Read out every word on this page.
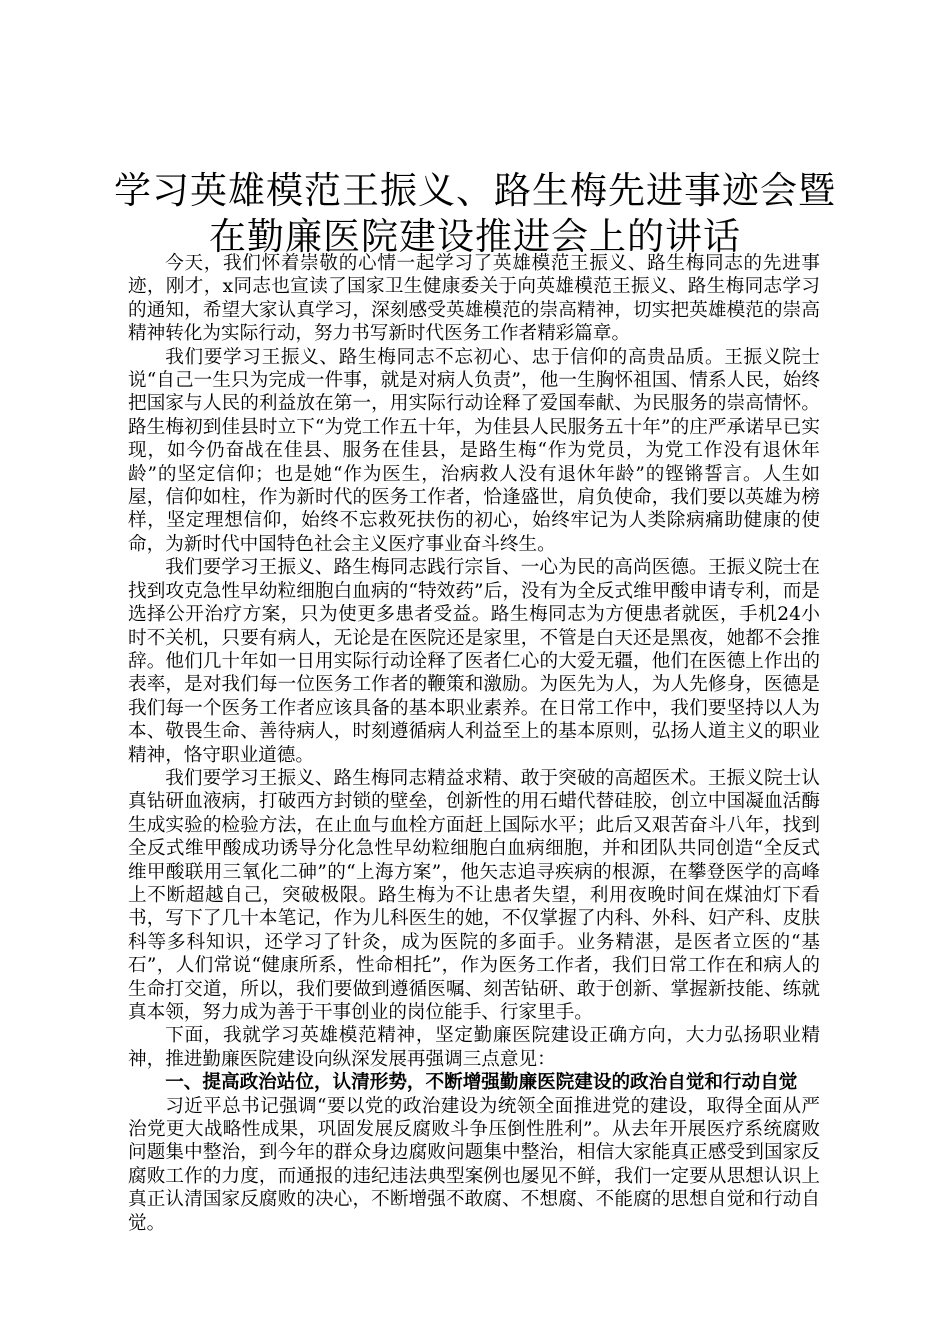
学习英雄模范王振义、路生梅先进事迹会暨在勤廉医院建设推进会上的讲话

今天，我们怀着崇敬的心情一起学习了英雄模范王振义、路生梅同志的先进事迹，刚才，x同志也宣读了国家卫生健康委关于向英雄模范王振义、路生梅同志学习的通知，希望大家认真学习，深刻感受英雄模范的崇高精神，切实把英雄模范的崇高精神转化为实际行动，努力书写新时代医务工作者精彩篇章。

我们要学习王振义、路生梅同志不忘初心、忠于信仰的高贵品质。王振义院士说“自己一生只为完成一件事，就是对病人负责”，他一生胸怀祖国、情系人民，始终把国家与人民的利益放在第一，用实际行动诠释了爱国奉献、为民服务的崇高情怀。路生梅初到佳县时立下“为党工作五十年，为佳县人民服务五十年”的庄严承诺早已实现，如今仍奋战在佳县、服务在佳县，是路生梅“作为党员，为党工作没有退休年龄”的坚定信仰；也是她“作为医生，治病救人没有退休年龄”的铿锵誓言。人生如屋，信仰如柱，作为新时代的医务工作者，恰逢盛世，肩负使命，我们要以英雄为榜样，坚定理想信仰，始终不忘救死扶伤的初心，始终牢记为人类除病痛助健康的使命，为新时代中国特色社会主义医疗事业奋斗终生。

我们要学习王振义、路生梅同志践行宗旨、一心为民的高尚医德。王振义院士在找到攻克急性早幼粒细胞白血病的“特效药”后，没有为全反式维甲酸申请专利，而是选择公开治疗方案，只为使更多患者受益。路生梅同志为方便患者就医，手机24小时不关机，只要有病人，无论是在医院还是家里，不管是白天还是黑夜，她都不会推辞。他们几十年如一日用实际行动诠释了医者仁心的大爱无疆，他们在医德上作出的表率，是对我们每一位医务工作者的鞭策和激励。为医先为人，为人先修身，医德是我们每一个医务工作者应该具备的基本职业素养。在日常工作中，我们要坚持以人为本、敬畏生命、善待病人，时刻遵循病人利益至上的基本原则，弘扬人道主义的职业精神，恪守职业道德。

我们要学习王振义、路生梅同志精益求精、敢于突破的高超医术。王振义院士认真钻研血液病，打破西方封锁的壁垒，创新性的用石蜡代替硅胶，创立中国凝血活酶生成实验的检验方法，在止血与血栓方面赶上国际水平；此后又艰苦奋斗八年，找到全反式维甲酸成功诱导分化急性早幼粒细胞白血病细胞，并和团队共同创造“全反式维甲酸联用三氧化二砷”的“上海方案”，他矢志追寻疾病的根源，在攀登医学的高峰上不断超越自己，突破极限。路生梅为不让患者失望，利用夜晚时间在煤油灯下看书，写下了几十本笔记，作为儿科医生的她，不仅掌握了内科、外科、妇产科、皮肤科等多科知识，还学习了针灸，成为医院的多面手。业务精湛，是医者立医的“基石”，人们常说“健康所系，性命相托”，作为医务工作者，我们日常工作在和病人的生命打交道，所以，我们要做到遵循医嘱、刻苦钻研、敢于创新、掌握新技能、练就真本领，努力成为善于干事创业的岗位能手、行家里手。

下面，我就学习英雄模范精神，坚定勤廉医院建设正确方向，大力弘扬职业精神，推进勤廉医院建设向纵深发展再强调三点意见：

一、提高政治站位，认清形势，不断增强勤廉医院建设的政治自觉和行动自觉

习近平总书记强调“要以党的政治建设为统领全面推进党的建设，取得全面从严治党更大战略性成果，巩固发展反腐败斗争压倒性胜利”。从去年开展医疗系统腐败问题集中整治，到今年的群众身边腐败问题集中整治，相信大家能真正感受到国家反腐败工作的力度，而通报的违纪违法典型案例也屡见不鲜，我们一定要从思想认识上真正认清国家反腐败的决心，不断增强不敢腐、不想腐、不能腐的思想自觉和行动自觉。
